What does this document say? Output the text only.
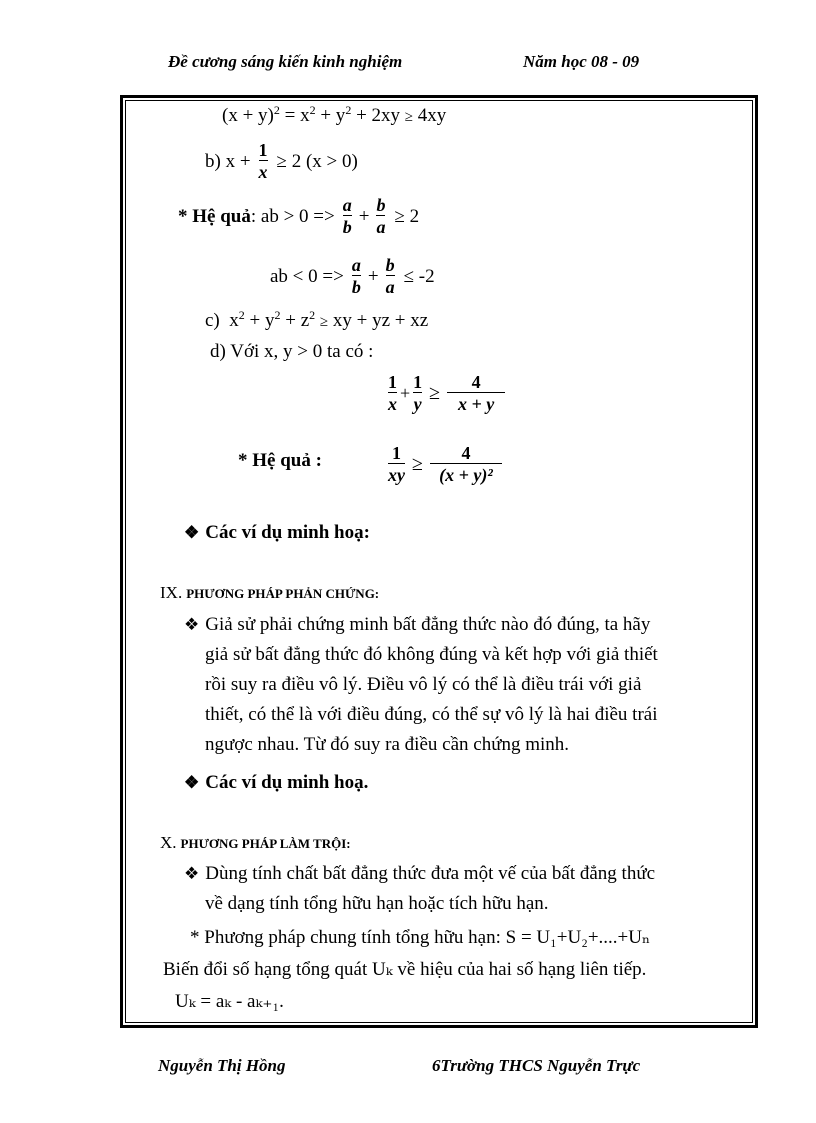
Đề cương sáng kiến kinh nghiệm	Năm học 08 - 09
$(x + y)^2 = x^2 + y^2 + 2xy \ge 4xy$
b) $x + \frac{1}{x} \ge 2$ (x > 0)
* Hệ quả : ab > $0 => \frac{a}{b} + \frac{b}{a} \ge 2$
ab < $0 => \frac{a}{b} + \frac{b}{a} \le -2$
c)  $x^2 + y^2 + z^2$ ≥ xy + yz + xz
d) Với x, y > 0 ta có :
$\frac{1}{x} + \frac{1}{y} \ge \frac{4}{x + y}$
* Hệ quả :	$\frac{1}{xy} \ge \frac{4}{\text{(x + y)²}}$
❖ Các ví dụ minh hoạ:
IX. PHƯƠNG PHÁP PHẢN CHỨNG:
❖ Giả sử phải chứng minh bất đẳng thức nào đó đúng, ta hãy
giả sử bất đẳng thức đó không đúng và kết hợp với giả thiết
rồi suy ra điều vô lý. Điều vô lý có thể là điều trái với giả
thiết, có thể là với điều đúng, có thể sự vô lý là hai điều trái
ngược nhau. Từ đó suy ra điều cần chứng minh.
❖ Các ví dụ minh hoạ.
X. PHƯƠNG PHÁP LÀM TRỘI:
❖ Dùng tính chất bất đẳng thức đưa một vế của bất đẳng thức
về dạng tính tổng hữu hạn hoặc tích hữu hạn.
* Phương pháp chung tính tổng hữu hạn: S = U₁+U₂+....+Uₙ
Biến đổi số hạng tổng quát Uₖ về hiệu của hai số hạng liên tiếp.
Uₖ = aₖ - aₖ₊₁.
Nguyễn Thị Hồng	6Trường THCS Nguyễn Trực
